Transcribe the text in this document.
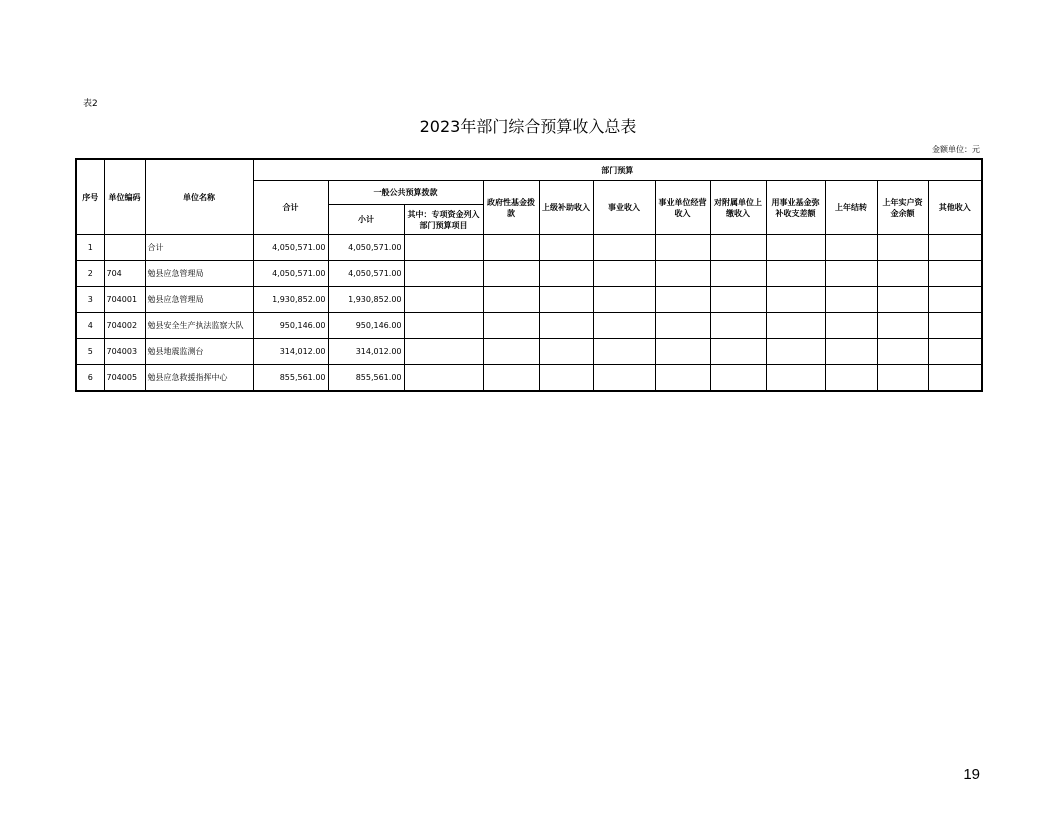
表2
2023年部门综合预算收入总表
金额单位：元
序号	单位编码	单位名称	部门预算											
			合计	一般公共预算拨款		政府性基金拨款	上级补助收入	事业收入	事业单位经营收入	对附属单位上缴收入	用事业基金弥补收支差额	上年结转	上年实户资金余额	其他收入
				小计	其中：专项资金列入部门预算项目									
1		合计	4,050,571.00	4,050,571.00										
2	704	勉县应急管理局	4,050,571.00	4,050,571.00										
3	704001	勉县应急管理局	1,930,852.00	1,930,852.00										
4	704002	勉县安全生产执法监察大队	950,146.00	950,146.00										
5	704003	勉县地震监测台	314,012.00	314,012.00										
6	704005	勉县应急救援指挥中心	855,561.00	855,561.00										
19
